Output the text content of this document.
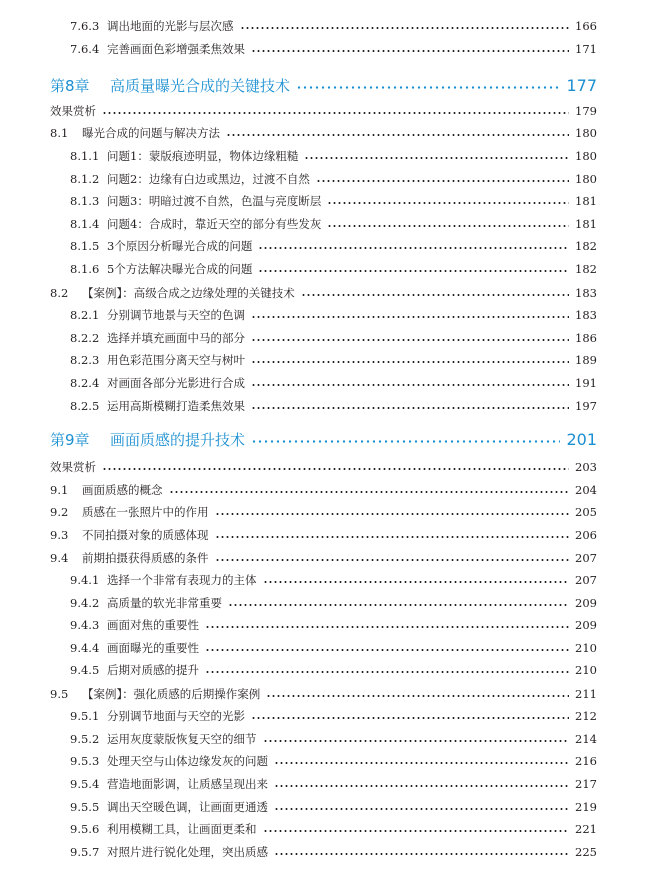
7.6.3 调出地面的光影与层次感	166
7.6.4 完善画面色彩增强柔焦效果	171
第8章	高质量曝光合成的关键技术	177
效果赏析	179
8.1	曝光合成的问题与解决方法	180
8.1.1 问题1：蒙版痕迹明显，物体边缘粗糙	180
8.1.2 问题2：边缘有白边或黑边，过渡不自然	180
8.1.3 问题3：明暗过渡不自然，色温与亮度断层	181
8.1.4 问题4：合成时，靠近天空的部分有些发灰	181
8.1.5 3个原因分析曝光合成的问题	182
8.1.6 5个方法解决曝光合成的问题	182
8.2	【案例】：高级合成之边缘处理的关键技术	183
8.2.1 分别调节地景与天空的色调	183
8.2.2 选择并填充画面中马的部分	186
8.2.3 用色彩范围分离天空与树叶	189
8.2.4 对画面各部分光影进行合成	191
8.2.5 运用高斯模糊打造柔焦效果	197
第9章	画面质感的提升技术	201
效果赏析	203
9.1	画面质感的概念	204
9.2	质感在一张照片中的作用	205
9.3	不同拍摄对象的质感体现	206
9.4	前期拍摄获得质感的条件	207
9.4.1 选择一个非常有表现力的主体	207
9.4.2 高质量的软光非常重要	209
9.4.3 画面对焦的重要性	209
9.4.4 画面曝光的重要性	210
9.4.5 后期对质感的提升	210
9.5	【案例】：强化质感的后期操作案例	211
9.5.1 分别调节地面与天空的光影	212
9.5.2 运用灰度蒙版恢复天空的细节	214
9.5.3 处理天空与山体边缘发灰的问题	216
9.5.4 营造地面影调，让质感呈现出来	217
9.5.5 调出天空暖色调，让画面更通透	219
9.5.6 利用模糊工具，让画面更柔和	221
9.5.7 对照片进行锐化处理，突出质感	225
